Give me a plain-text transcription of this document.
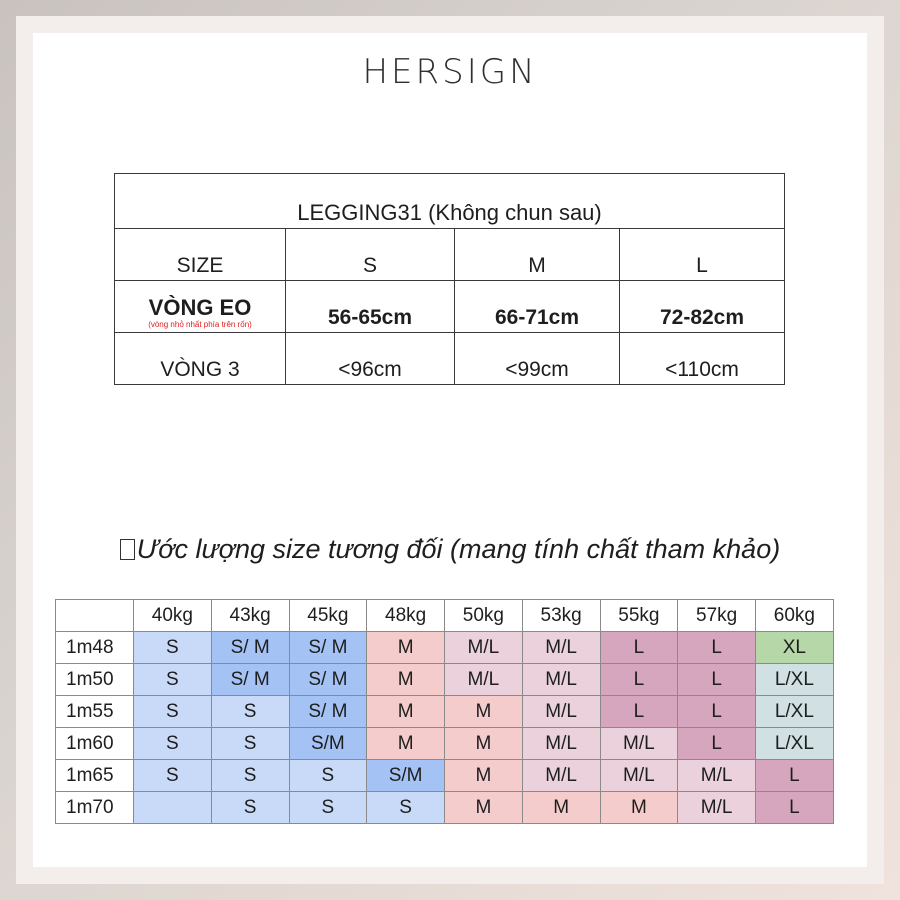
HERSIGN
LEGGING31 (Không chun sau)			
SIZE	S	M	L

VÒNG EO
(vòng nhỏ nhất phía trên rốn)	56-65cm	66-71cm	72-82cm
VÒNG 3	<96cm	<99cm	<110cm
Ước lượng size tương đối (mang tính chất tham khảo)
	40kg	43kg	45kg	48kg	50kg	53kg	55kg	57kg	60kg
1m48	S	S/ M	S/ M	M	M/L	M/L	L	L	XL
1m50	S	S/ M	S/ M	M	M/L	M/L	L	L	L/XL
1m55	S	S	S/ M	M	M	M/L	L	L	L/XL
1m60	S	S	S/M	M	M	M/L	M/L	L	L/XL
1m65	S	S	S	S/M	M	M/L	M/L	M/L	L
1m70		S	S	S	M	M	M	M/L	L
